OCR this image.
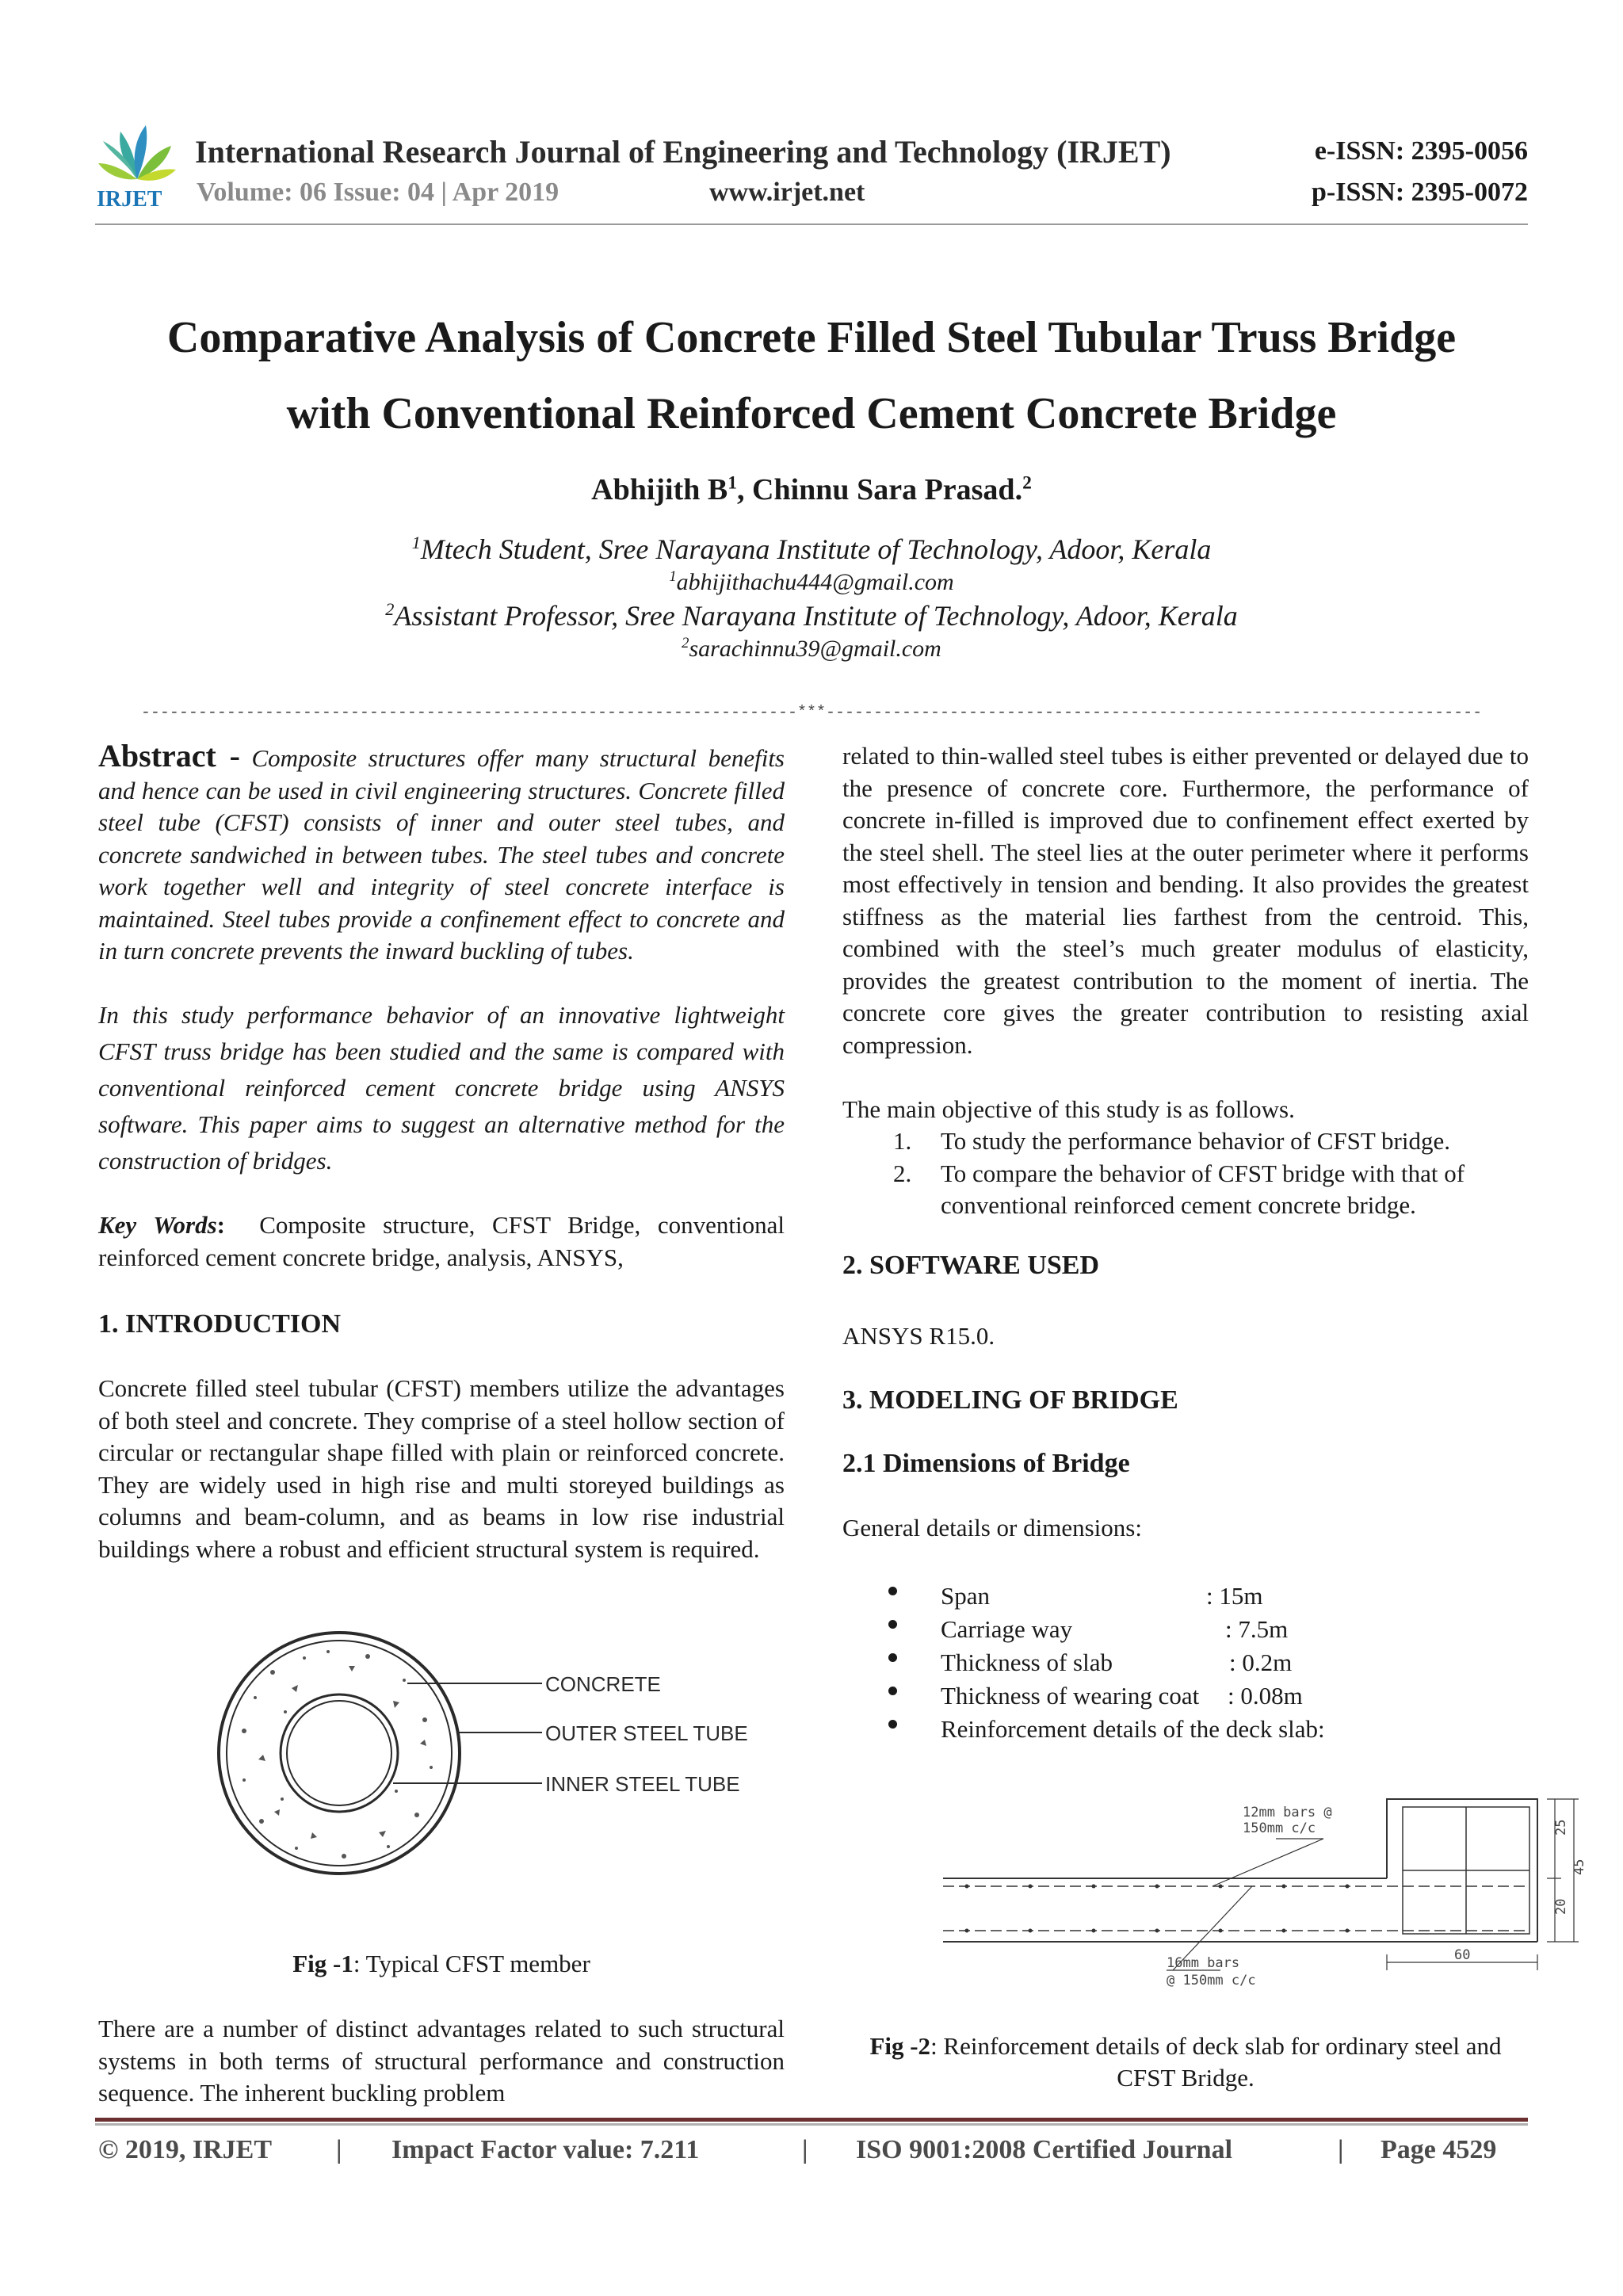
IRJET
International Research Journal of Engineering and Technology (IRJET)
Volume: 06 Issue: 04 | Apr 2019	www.irjet.net
e-ISSN: 2395-0056
p-ISSN: 2395-0072
Comparative Analysis of Concrete Filled Steel Tubular Truss Bridge
with Conventional Reinforced Cement Concrete Bridge
Abhijith $B^1$, Chinnu Sara Prasad.$^2$
$^1$Mtech Student, Sree Narayana Institute of Technology, Adoor, Kerala
$^1$abhijithachu444@gmail.com
$^2$Assistant Professor, Sree Narayana Institute of Technology, Adoor, Kerala
$^2$sarachinnu39@gmail.com
---------------------------------------------------------------------***---------------------------------------------------------------------
Abstract - Composite structures offer many structural benefits and hence can be used in civil engineering structures. Concrete filled steel tube (CFST) consists of inner and outer steel tubes, and concrete sandwiched in between tubes. The steel tubes and concrete work together well and integrity of steel concrete interface is maintained. Steel tubes provide a confinement effect to concrete and in turn concrete prevents the inward buckling of tubes.
In this study performance behavior of an innovative lightweight CFST truss bridge has been studied and the same is compared with conventional reinforced cement concrete bridge using ANSYS software. This paper aims to suggest an alternative method for the construction of bridges.
Key Words: Composite structure, CFST Bridge, conventional reinforced cement concrete bridge, analysis, ANSYS,
1. INTRODUCTION
Concrete filled steel tubular (CFST) members utilize the advantages of both steel and concrete. They comprise of a steel hollow section of circular or rectangular shape filled with plain or reinforced concrete. They are widely used in high rise and multi storeyed buildings as columns and beam-column, and as beams in low rise industrial buildings where a robust and efficient structural system is required.
CONCRETE
OUTER STEEL TUBE
INNER STEEL TUBE
Fig -1: Typical CFST member
There are a number of distinct advantages related to such structural systems in both terms of structural performance and construction sequence. The inherent buckling problem
related to thin-walled steel tubes is either prevented or delayed due to the presence of concrete core. Furthermore, the performance of concrete in-filled is improved due to confinement effect exerted by the steel shell. The steel lies at the outer perimeter where it performs most effectively in tension and bending. It also provides the greatest stiffness as the material lies farthest from the centroid. This, combined with the steel’s much greater modulus of elasticity, provides the greatest contribution to the moment of inertia. The concrete core gives the greater contribution to resisting axial compression.
The main objective of this study is as follows.
1. To study the performance behavior of CFST bridge.
2. To compare the behavior of CFST bridge with that of conventional reinforced cement concrete bridge.
2. SOFTWARE USED
ANSYS R15.0.
3. MODELING OF BRIDGE
2.1 Dimensions of Bridge
General details or dimensions:
Span	: 15m
Carriage way	: 7.5m
Thickness of slab	: 0.2m
Thickness of wearing coat : 0.08m
Reinforcement details of the deck slab:
12mm bars @
150mm c/c
16mm bars
@ 150mm c/c
25
20
45
60
Fig -2: Reinforcement details of deck slab for ordinary steel and CFST Bridge.
© 2019, IRJET | Impact Factor value: 7.211	| ISO 9001:2008 Certified Journal	| Page 4529
